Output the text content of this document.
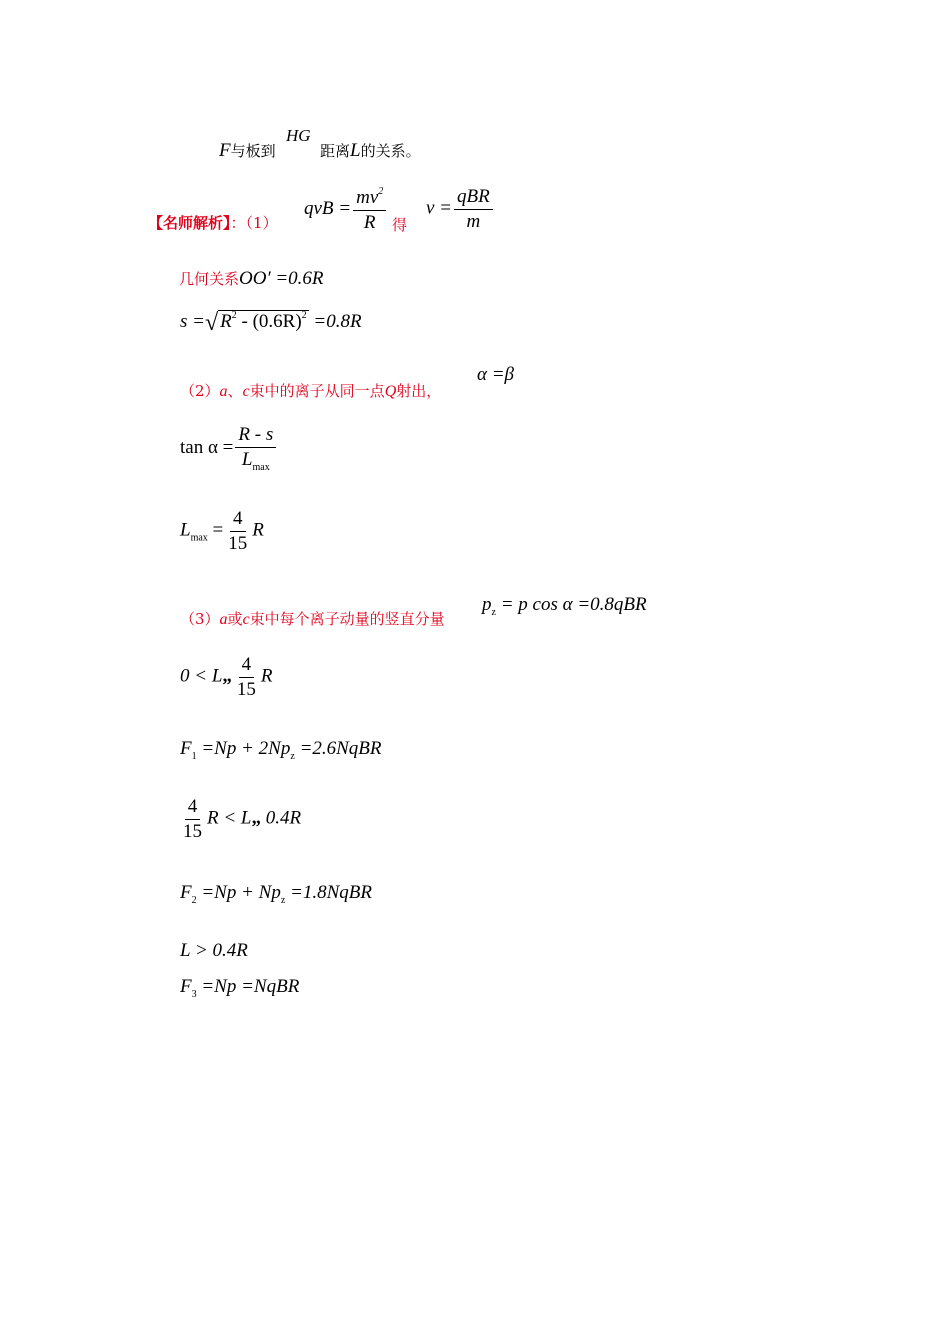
F与板到
HG
距离L的关系。
【名师解析】：（1）
qvB = $\frac{mv^2}{R}$ 得
$v = \frac{\text{qBR}}{m}$
几何关系OO′ =0.6R
s =√ $R^2 - (0.6R)^2 =0.8R$
（2）a、c束中的离子从同一点Q射出，
α =β
$\tan \alpha = \frac{R - s}{L_{max}}$
$L_{max} = \frac{4}{15}$ R
（3）a或c束中每个离子动量的竖直分量
$p_z = p$ cos α =0.8qBR
0 < L„ $\frac{4}{15}$ R
$F_1 =Np + 2Np_z$ =2.6NqBR
$\frac{4}{15}$ R < L„ 0.4R
$F_2 =Np + Np_z$ =1.8NqBR
L > 0.4R
$F_3 =Np$ =NqBR
